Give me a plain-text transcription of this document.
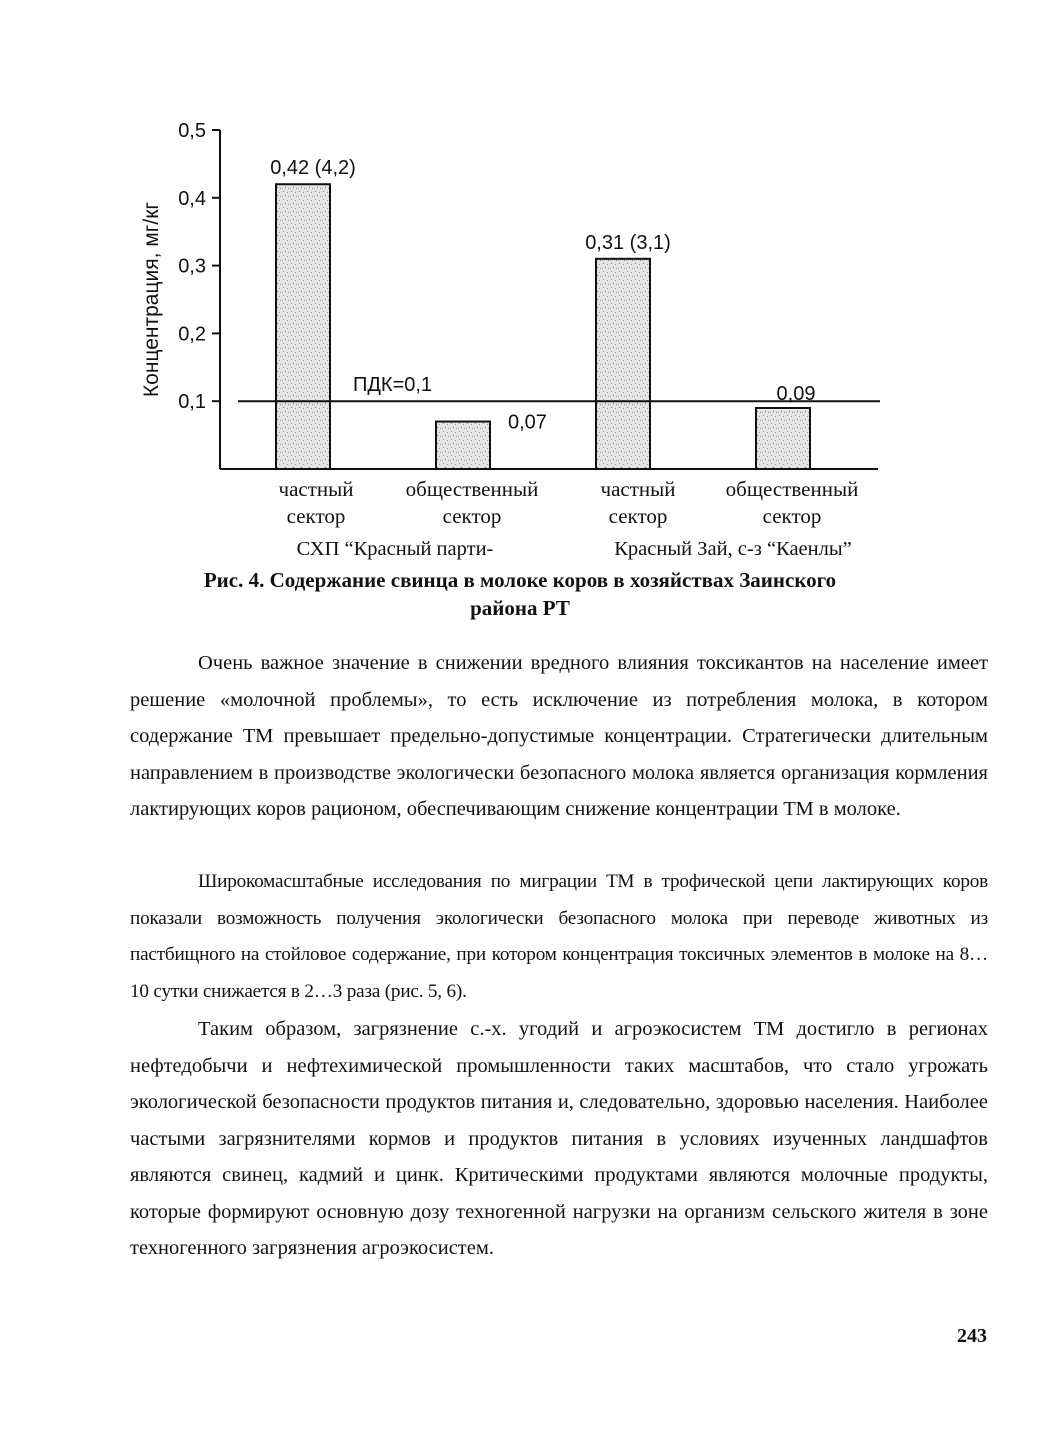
0,1
0,2
0,3
0,4
0,5
Концентрация, мг/кг	ПДК=0,1
0,42 (4,2)
0,07
0,31 (3,1)
0,09
частный
сектор
общественный
сектор
частный
сектор
общественный
сектор
СХП “Красный парти-	Красный Зай, с-з “Каенлы”
Рис. 4. Содержание свинца в молоке коров в хозяйствах Заинского
района РТ

Очень важное значение в снижении вредного влияния токсикантов на население имеет решение «молочной проблемы», то есть исключение из потребления молока, в котором содержание ТМ превышает предельно-допустимые концентрации. Стратегически длительным направлением в производстве экологически безопасного молока является организация кормления лактирующих коров рационом, обеспечивающим снижение концентрации ТМ в молоке.

Широкомасштабные исследования по миграции ТМ в трофической цепи лактирующих коров показали возможность получения экологически безопасного молока при переводе животных из пастбищного на стойловое содержание, при котором концентрация токсичных элементов в молоке на 8…10 сутки снижается в 2…3 раза (рис. 5, 6).

Таким образом, загрязнение с.-х. угодий и агроэкосистем ТМ достигло в регионах нефтедобычи и нефтехимической промышленности таких масштабов, что стало угрожать экологической безопасности продуктов питания и, следовательно, здоровью населения. Наиболее частыми загрязнителями кормов и продуктов питания в условиях изученных ландшафтов являются свинец, кадмий и цинк. Критическими продуктами являются молочные продукты, которые формируют основную дозу техногенной нагрузки на организм сельского жителя в зоне техногенного загрязнения агроэкосистем.

243
